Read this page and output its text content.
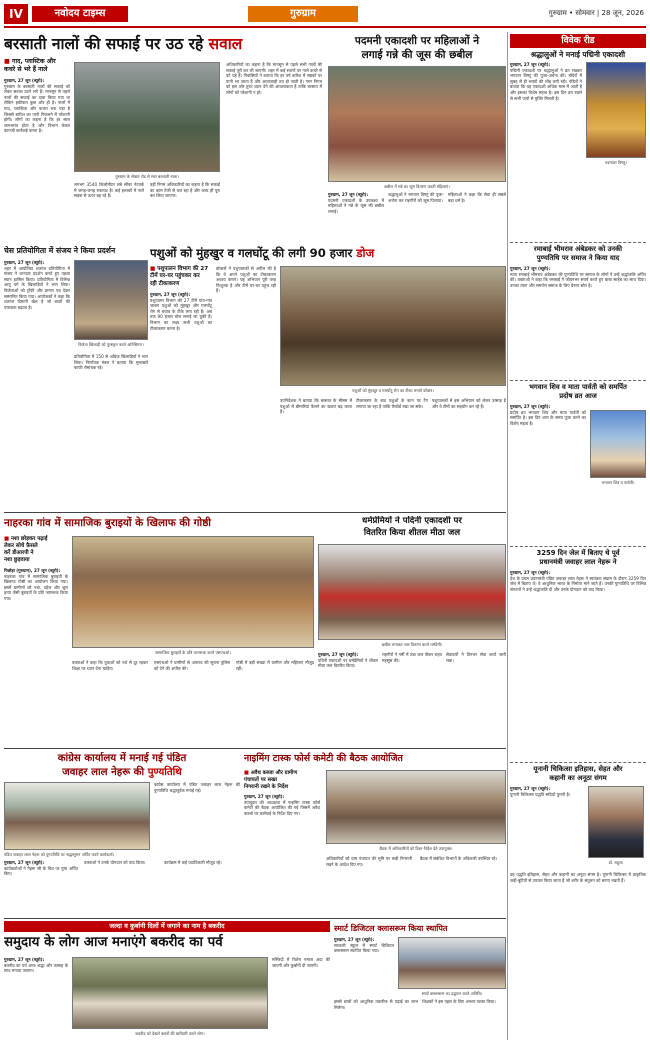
IV	नवोदय टाइम्स	गुरुग्राम	गुरुग्राम • सोमवार | 28 जून, 2026
बरसाती नालों की सफाई पर उठ रहे सवाल
■ गाद, प्लास्टिक और
कचरे से भरे हैं नाले
गुरुग्राम, 27 जून (ब्यूरो):
गुरुग्राम के बरसाती नालों की सफाई को लेकर सवाल उठने लगे हैं। मानसून से पहले नालों की सफाई का दावा किया गया था लेकिन हकीकत कुछ और ही है। नालों में गाद, प्लास्टिक और कचरा भरा पड़ा है जिससे बारिश का पानी निकलने में परेशानी होगी। लोगों का कहना है कि हर साल जलभराव होता है और विभाग केवल कागजी कार्रवाई करता है।
गुरुग्राम के सेक्टर रोड से सटा बरसाती नाला।
लगभग 3540 किलोमीटर लंबे सीवर नेटवर्क में जगह-जगह रुकावट है। कई इलाकों में नाले सड़क से ऊपर बह रहे हैं।
वहीं निगम अधिकारियों का कहना है कि सफाई का काम तेजी से चल रहा है और जल्द ही पूरा कर लिया जाएगा।
अधिकारियों का कहना है कि मानसून से पहले सभी नालों की सफाई पूरी कर ली जाएगी। शहर में कई स्थानों पर नाले कचरे से पटे पड़े हैं। निवासियों ने बताया कि हर वर्ष बारिश में सड़कों पर पानी भर जाता है और आवाजाही ठप हो जाती है। नगर निगम को इस ओर तुरंत ध्यान देने की आवश्यकता है ताकि बरसात में लोगों को परेशानी न हो।
पदमनी एकादशी पर महिलाओं ने
लगाई गन्ने की जूस की छबील
छबील में गन्ने का जूस वितरण करती महिलाएं।
गुरुग्राम, 27 जून (ब्यूरो):
पदमनी एकादशी के उपलक्ष्य में महिलाओं ने गन्ने के जूस की छबील लगाई।
श्रद्धालुओं ने भगवान विष्णु की पूजा-अर्चना कर राहगीरों को जूस पिलाया।
महिलाओं ने कहा कि सेवा ही सबसे बड़ा धर्म है।
विवेक रीड
श्रद्धालुओं ने मनाई पद्मिनी एकादशी
गुरुग्राम, 27 जून (ब्यूरो):
पद्मिनी एकादशी पर श्रद्धालुओं ने व्रत रखकर भगवान विष्णु की पूजा-अर्चना की। मंदिरों में सुबह से ही भक्तों की भीड़ लगी रही। पंडितों ने बताया कि यह एकादशी अधिक मास में आती है और इसका विशेष महत्व है। इस दिन व्रत रखने से सभी पापों से मुक्ति मिलती है।
पदमावर विष्णु।
रमाबाई भीमराव अंबेडकर को उनकी
पुण्यतिथि पर समाज ने किया याद
गुरुग्राम, 27 जून (ब्यूरो):
माता रमाबाई भीमराव अंबेडकर की पुण्यतिथि पर समाज के लोगों ने उन्हें श्रद्धांजलि अर्पित की। वक्ताओं ने कहा कि रमाबाई ने जीवनभर संघर्ष करते हुए बाबा साहेब का साथ दिया। उनका त्याग और समर्पण समाज के लिए प्रेरणा स्रोत है।
भगवान शिव व माता पार्वती को समर्पित
प्रदोष व्रत आज
गुरुग्राम, 27 जून (ब्यूरो):
प्रदोष व्रत भगवान शिव और माता पार्वती को समर्पित है। इस दिन शाम के समय पूजा करने का विशेष महत्व है।
भगवान शिव व पार्वती।
3259 दिन जेल में बिताए थे पूर्व
प्रधानमंत्री जवाहर लाल नेहरू ने
गुरुग्राम, 27 जून (ब्यूरो):
देश के प्रथम प्रधानमंत्री पंडित जवाहर लाल नेहरू ने स्वतंत्रता संग्राम के दौरान 3259 दिन जेल में बिताए थे। वे आधुनिक भारत के निर्माता माने जाते हैं। उनकी पुण्यतिथि पर विभिन्न संगठनों ने उन्हें श्रद्धांजलि दी और उनके योगदान को याद किया।
यूनानी चिकित्सा इतिहास, सेहत और
कहानी का अनूठा संगम
गुरुग्राम, 27 जून (ब्यूरो):
यूनानी चिकित्सा पद्धति सदियों पुरानी है।
डॉ. राहुल।
यह पद्धति इतिहास, सेहत और कहानी का अनूठा संगम है। यूनानी चिकित्सा में प्राकृतिक जड़ी-बूटियों से उपचार किया जाता है जो शरीर के संतुलन को बनाए रखती हैं।
चेस प्रतियोगिता में संजय ने किया प्रदर्शन
गुरुग्राम, 27 जून (ब्यूरो):
शहर में आयोजित शतरंज प्रतियोगिता में संजय ने शानदार प्रदर्शन करते हुए पहला स्थान हासिल किया। प्रतियोगिता में विभिन्न आयु वर्ग के खिलाड़ियों ने भाग लिया। विजेताओं को ट्रॉफी और प्रमाण पत्र देकर सम्मानित किया गया। आयोजकों ने कहा कि शतरंज दिमागी खेल है जो बच्चों की एकाग्रता बढ़ाता है।
विजेता खिलाड़ी को पुरस्कृत करते अतिथिगण।
प्रतियोगिता में 150 से अधिक खिलाड़ियों ने भाग लिया। निर्णायक मंडल ने बताया कि मुकाबले काफी रोमांचक रहे।
पशुओं को मुंहखुर व गलघोंटू की लगी 90 हजार डोज
■ पशुपालन विभाग की 27
टीमें घर-घर पहुंचकर कर
रही टीकाकरण
गुरुग्राम, 27 जून (ब्यूरो):
पशुपालन विभाग की 27 टीमें गांव-गांव जाकर पशुओं को मुंहखुर और गलघोंटू रोग से बचाव के टीके लगा रही हैं। अब तक 90 हजार डोज लगाई जा चुकी हैं। विभाग का लक्ष्य सभी पशुओं का टीकाकरण करना है।
डॉक्टरों ने पशुपालकों से अपील की है कि वे अपने पशुओं का टीकाकरण अवश्य कराएं। यह अभियान पूरी तरह निःशुल्क है और टीमें घर-घर पहुंच रही हैं।
पशुओं को मुंहखुर व गलघोंटू रोग का टीका लगाते डॉक्टर।
उपनिदेशक ने बताया कि बरसात के मौसम में पशुओं में बीमारियां फैलने का खतरा बढ़ जाता है।
टीकाकरण के बाद पशुओं के कान पर टैग लगाया जा रहा है ताकि रिकॉर्ड रखा जा सके।
पशुपालकों में इस अभियान को लेकर उत्साह है और वे टीमों का सहयोग कर रहे हैं।
नाहरका गांव में सामाजिक बुराइयों के खिलाफ की गोष्ठी
■ नशा छोड़कर पढ़ाई
लेकर सोचे फ़ैसले
करें डीआरपी ने
नशा छुड़वाया
पिछोड़ा (गुरुग्राम), 27 जून (ब्यूरो):
नाहरका गांव में सामाजिक बुराइयों के खिलाफ गोष्ठी का आयोजन किया गया। इसमें ग्रामीणों को नशा, दहेज और भ्रूण हत्या जैसी बुराइयों के प्रति जागरूक किया गया।
सामाजिक बुराइयों के प्रति जागरूक करते एसएचओ।
वक्ताओं ने कहा कि युवाओं को नशे से दूर रहकर शिक्षा पर ध्यान देना चाहिए।
एसएचओ ने ग्रामीणों से अपराध की सूचना पुलिस को देने की अपील की।
गोष्ठी में बड़ी संख्या में ग्रामीण और महिलाएं मौजूद रहीं।
धर्मप्रेमियों ने पदिनी एकादशी पर
वितरित किया शीतल मीठा जल
छबील लगाकर जल वितरण करते धर्मप्रेमी।
गुरुग्राम, 27 जून (ब्यूरो):
पदिनी एकादशी पर धर्मप्रेमियों ने शीतल मीठा जल वितरित किया।
राहगीरों ने गर्मी में ठंडा जल पीकर राहत महसूस की।
सेवादारों ने दिनभर सेवा कार्य जारी रखा।
कांग्रेस कार्यालय में मनाई गई पंडित
जवाहर लाल नेहरू की पुण्यतिथि
कांग्रेस कार्यालय में पंडित जवाहर लाल नेहरू की पुण्यतिथि श्रद्धापूर्वक मनाई गई।
पंडित जवाहर लाल नेहरू को पुण्यतिथि पर श्रद्धासुमन अर्पित करते कार्यकर्ता।
गुरुग्राम, 27 जून (ब्यूरो):
कार्यकर्ताओं ने नेहरू जी के चित्र पर पुष्प अर्पित किए।
वक्ताओं ने उनके योगदान को याद किया।	कार्यक्रम में कई पदाधिकारी मौजूद रहे।
नाइमिंग टास्क फोर्स कमेटी की बैठक आयोजित
■ अवैध कब्जा और ग्रामीण
पंचायतों पर सख्त
निगरानी रखने के निर्देश
गुरुग्राम, 27 जून (ब्यूरो):
उपायुक्त की अध्यक्षता में नाइमिंग टास्क फोर्स कमेटी की बैठक आयोजित की गई जिसमें अवैध कब्जों पर कार्रवाई के निर्देश दिए गए।
बैठक में अधिकारियों को दिशा-निर्देश देते उपायुक्त।
अधिकारियों को ग्राम पंचायत की भूमि पर कड़ी निगरानी रखने के आदेश दिए गए।
बैठक में संबंधित विभागों के अधिकारी उपस्थित रहे।
जल्दा व कुर्बानी दिलों में जगाने का नाम है बकरीद
समुदाय के लोग आज मनाएंगे बकरीद का पर्व
गुरुग्राम, 27 जून (ब्यूरो):
बकरीद का पर्व आज श्रद्धा और उत्साह के साथ मनाया जाएगा।
बकरीद को देखते बकरों की खरीदारी करते लोग।
मस्जिदों में विशेष नमाज अदा की जाएगी और कुर्बानी दी जाएगी।
स्मार्ट डिजिटल क्लासरूम किया स्थापित
गुरुग्राम, 27 जून (ब्यूरो):
सरकारी स्कूल में स्मार्ट डिजिटल क्लासरूम स्थापित किया गया।
स्मार्ट क्लासरूम का उद्घाटन करते अतिथि।
इससे छात्रों को आधुनिक तकनीक से पढ़ाई का लाभ मिलेगा।
शिक्षकों ने इस पहल के लिए आभार व्यक्त किया।
